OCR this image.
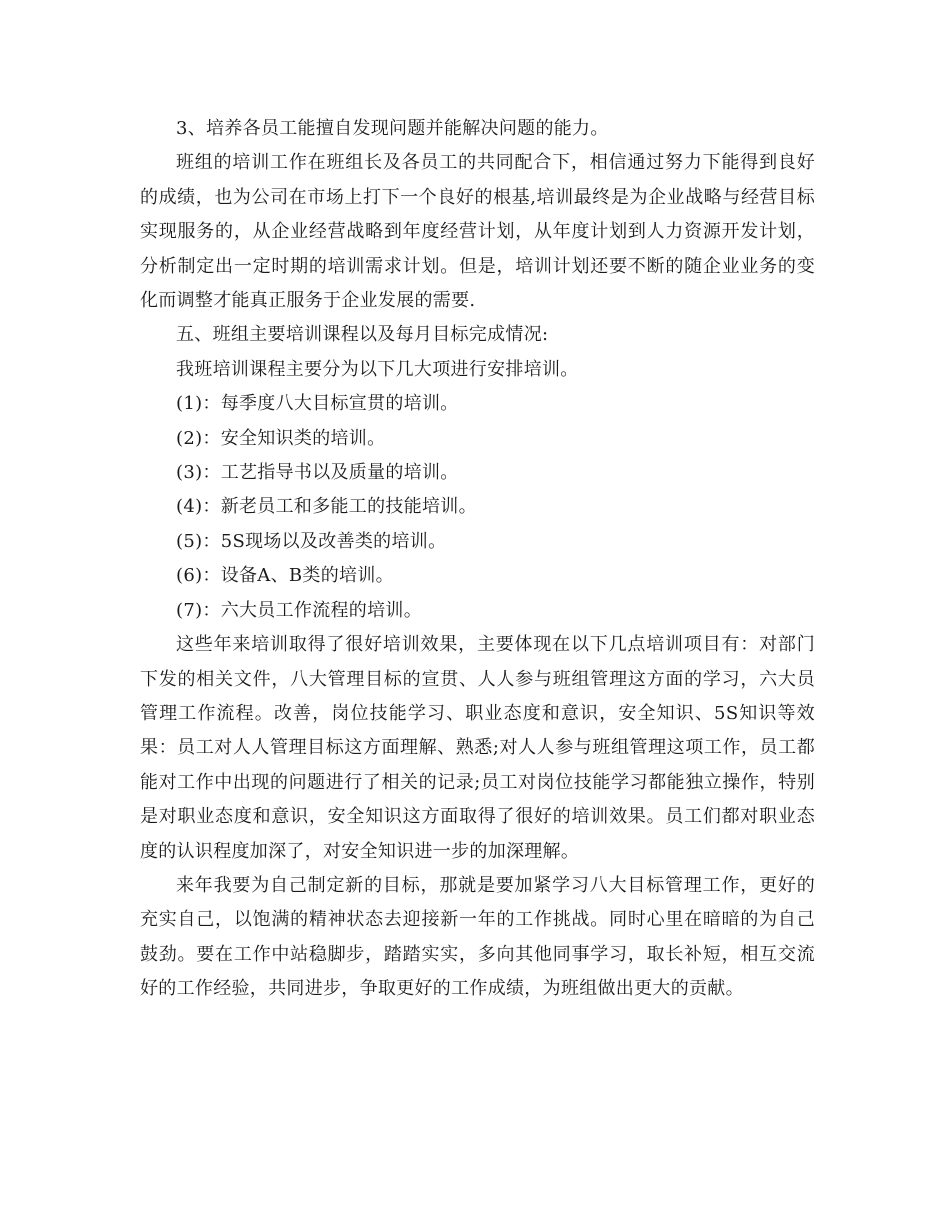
3、培养各员工能擅自发现问题并能解决问题的能力。

班组的培训工作在班组长及各员工的共同配合下，相信通过努力下能得到良好的成绩，也为公司在市场上打下一个良好的根基,培训最终是为企业战略与经营目标实现服务的，从企业经营战略到年度经营计划，从年度计划到人力资源开发计划，分析制定出一定时期的培训需求计划。但是，培训计划还要不断的随企业业务的变化而调整才能真正服务于企业发展的需要.

五、班组主要培训课程以及每月目标完成情况:

我班培训课程主要分为以下几大项进行安排培训。

(1)：每季度八大目标宣贯的培训。

(2)：安全知识类的培训。

(3)：工艺指导书以及质量的培训。

(4)：新老员工和多能工的技能培训。

(5)：5S现场以及改善类的培训。

(6)：设备A、B类的培训。

(7)：六大员工作流程的培训。

这些年来培训取得了很好培训效果，主要体现在以下几点培训项目有：对部门下发的相关文件，八大管理目标的宣贯、人人参与班组管理这方面的学习，六大员管理工作流程。改善，岗位技能学习、职业态度和意识，安全知识、5S知识等效果：员工对人人管理目标这方面理解、熟悉;对人人参与班组管理这项工作，员工都能对工作中出现的问题进行了相关的记录;员工对岗位技能学习都能独立操作，特别是对职业态度和意识，安全知识这方面取得了很好的培训效果。员工们都对职业态度的认识程度加深了，对安全知识进一步的加深理解。

来年我要为自己制定新的目标，那就是要加紧学习八大目标管理工作，更好的充实自己，以饱满的精神状态去迎接新一年的工作挑战。同时心里在暗暗的为自己鼓劲。要在工作中站稳脚步，踏踏实实，多向其他同事学习，取长补短，相互交流好的工作经验，共同进步，争取更好的工作成绩，为班组做出更大的贡献。
